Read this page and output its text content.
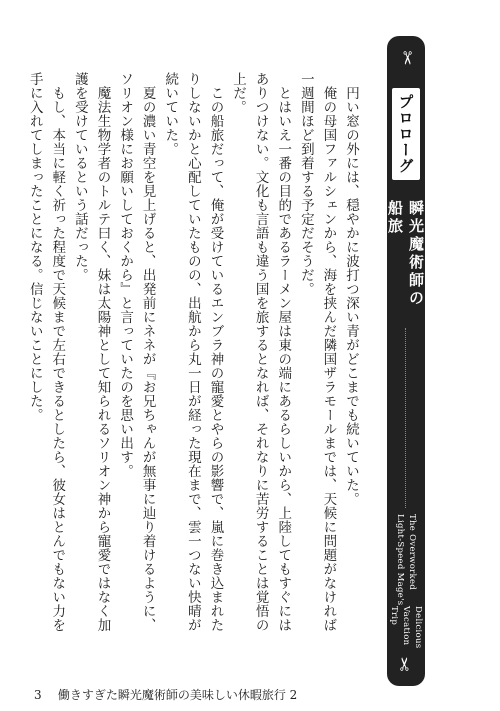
　円い窓の外には、穏やかに波打つ深い青がどこまでも続いていた。

　俺の母国ファルシェンから、海を挟んだ隣国ザラモールまでは、天候に問題がなければ一週間ほど到着する予定だそうだ。

　とはいえ一番の目的であるラーメン屋は東の端にあるらしいから、上陸してもすぐにはありつけない。文化も言語も違う国を旅するとなれば、それなりに苦労することは覚悟の上だ。

　この船旅だって、俺が受けているエンブラ神の寵愛とやらの影響で、嵐に巻き込まれたりしないかと心配していたものの、出航から丸一日が経った現在まで、雲一つない快晴が続いていた。

　夏の濃い青空を見上げると、出発前にネネが『お兄ちゃんが無事に辿り着けるように、ソリオン様にお願いしておくから』と言っていたのを思い出す。

　魔法生物学者のトルテ曰く、妹は太陽神として知られるソリオン神から寵愛ではなく加護を受けているという話だった。

　もし、本当に軽く祈った程度で天候まで左右できるとしたら、彼女はとんでもない力を手に入れてしまったことになる。信じないことにした。

✂
プロローグ
瞬光魔術師の船旅
The Overworked Light-Speed Mage's

Delicious Vacation Trip
✂
3 働きすぎた瞬光魔術師の美味しい休暇旅行 2
